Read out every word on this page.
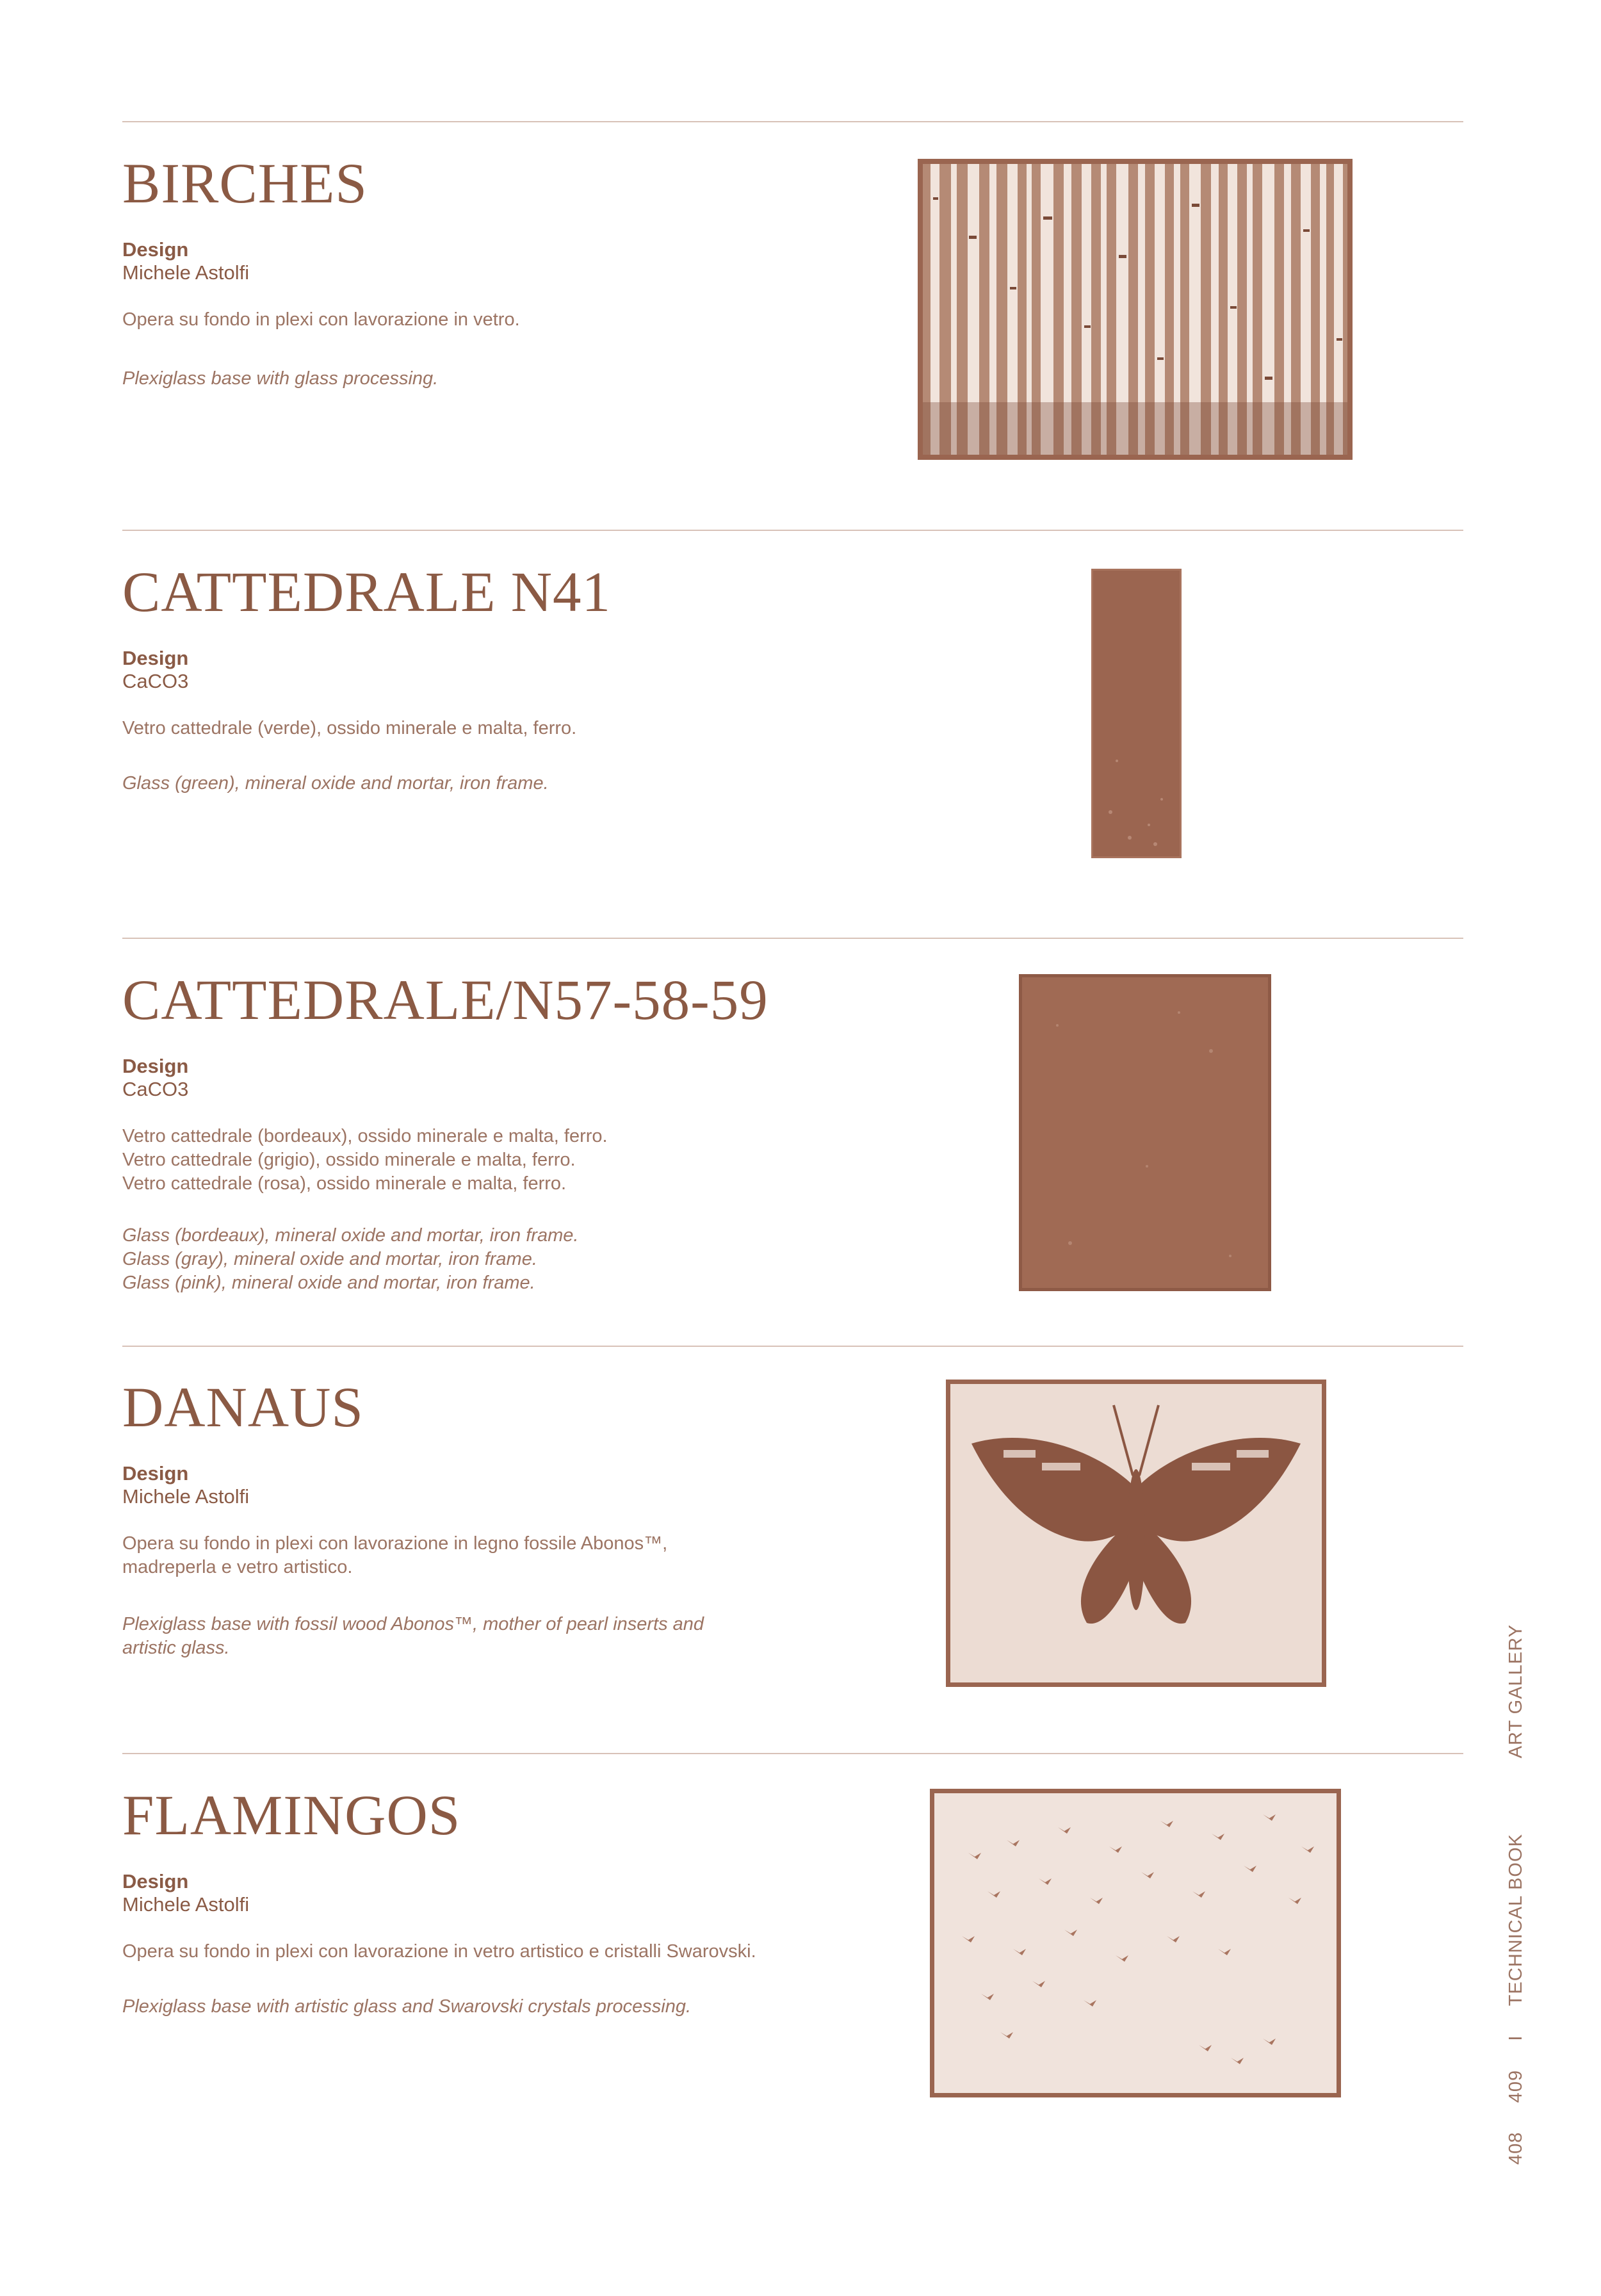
BIRCHES
Design
Michele Astolfi
Opera su fondo in plexi con lavorazione in vetro.
Plexiglass base with glass processing.
CATTEDRALE N41
Design
CaCO3
Vetro cattedrale (verde), ossido minerale e malta, ferro.
Glass (green), mineral oxide and mortar, iron frame.
CATTEDRALE/N57-58-59
Design
CaCO3
Vetro cattedrale (bordeaux), ossido minerale e malta, ferro.
Vetro cattedrale (grigio), ossido minerale e malta, ferro.
Vetro cattedrale (rosa), ossido minerale e malta, ferro.
Glass (bordeaux), mineral oxide and mortar, iron frame.
Glass (gray), mineral oxide and mortar, iron frame.
Glass (pink), mineral oxide and mortar, iron frame.
DANAUS
Design
Michele Astolfi
Opera su fondo in plexi con lavorazione in legno fossile Abonos™,
madreperla e vetro artistico.
Plexiglass base with fossil wood Abonos™, mother of pearl inserts and
artistic glass.
FLAMINGOS
Design
Michele Astolfi
Opera su fondo in plexi con lavorazione in vetro artistico e cristalli Swarovski.
Plexiglass base with artistic glass and Swarovski crystals processing.
408     409     I     TECHNICAL BOOK             ART GALLERY
